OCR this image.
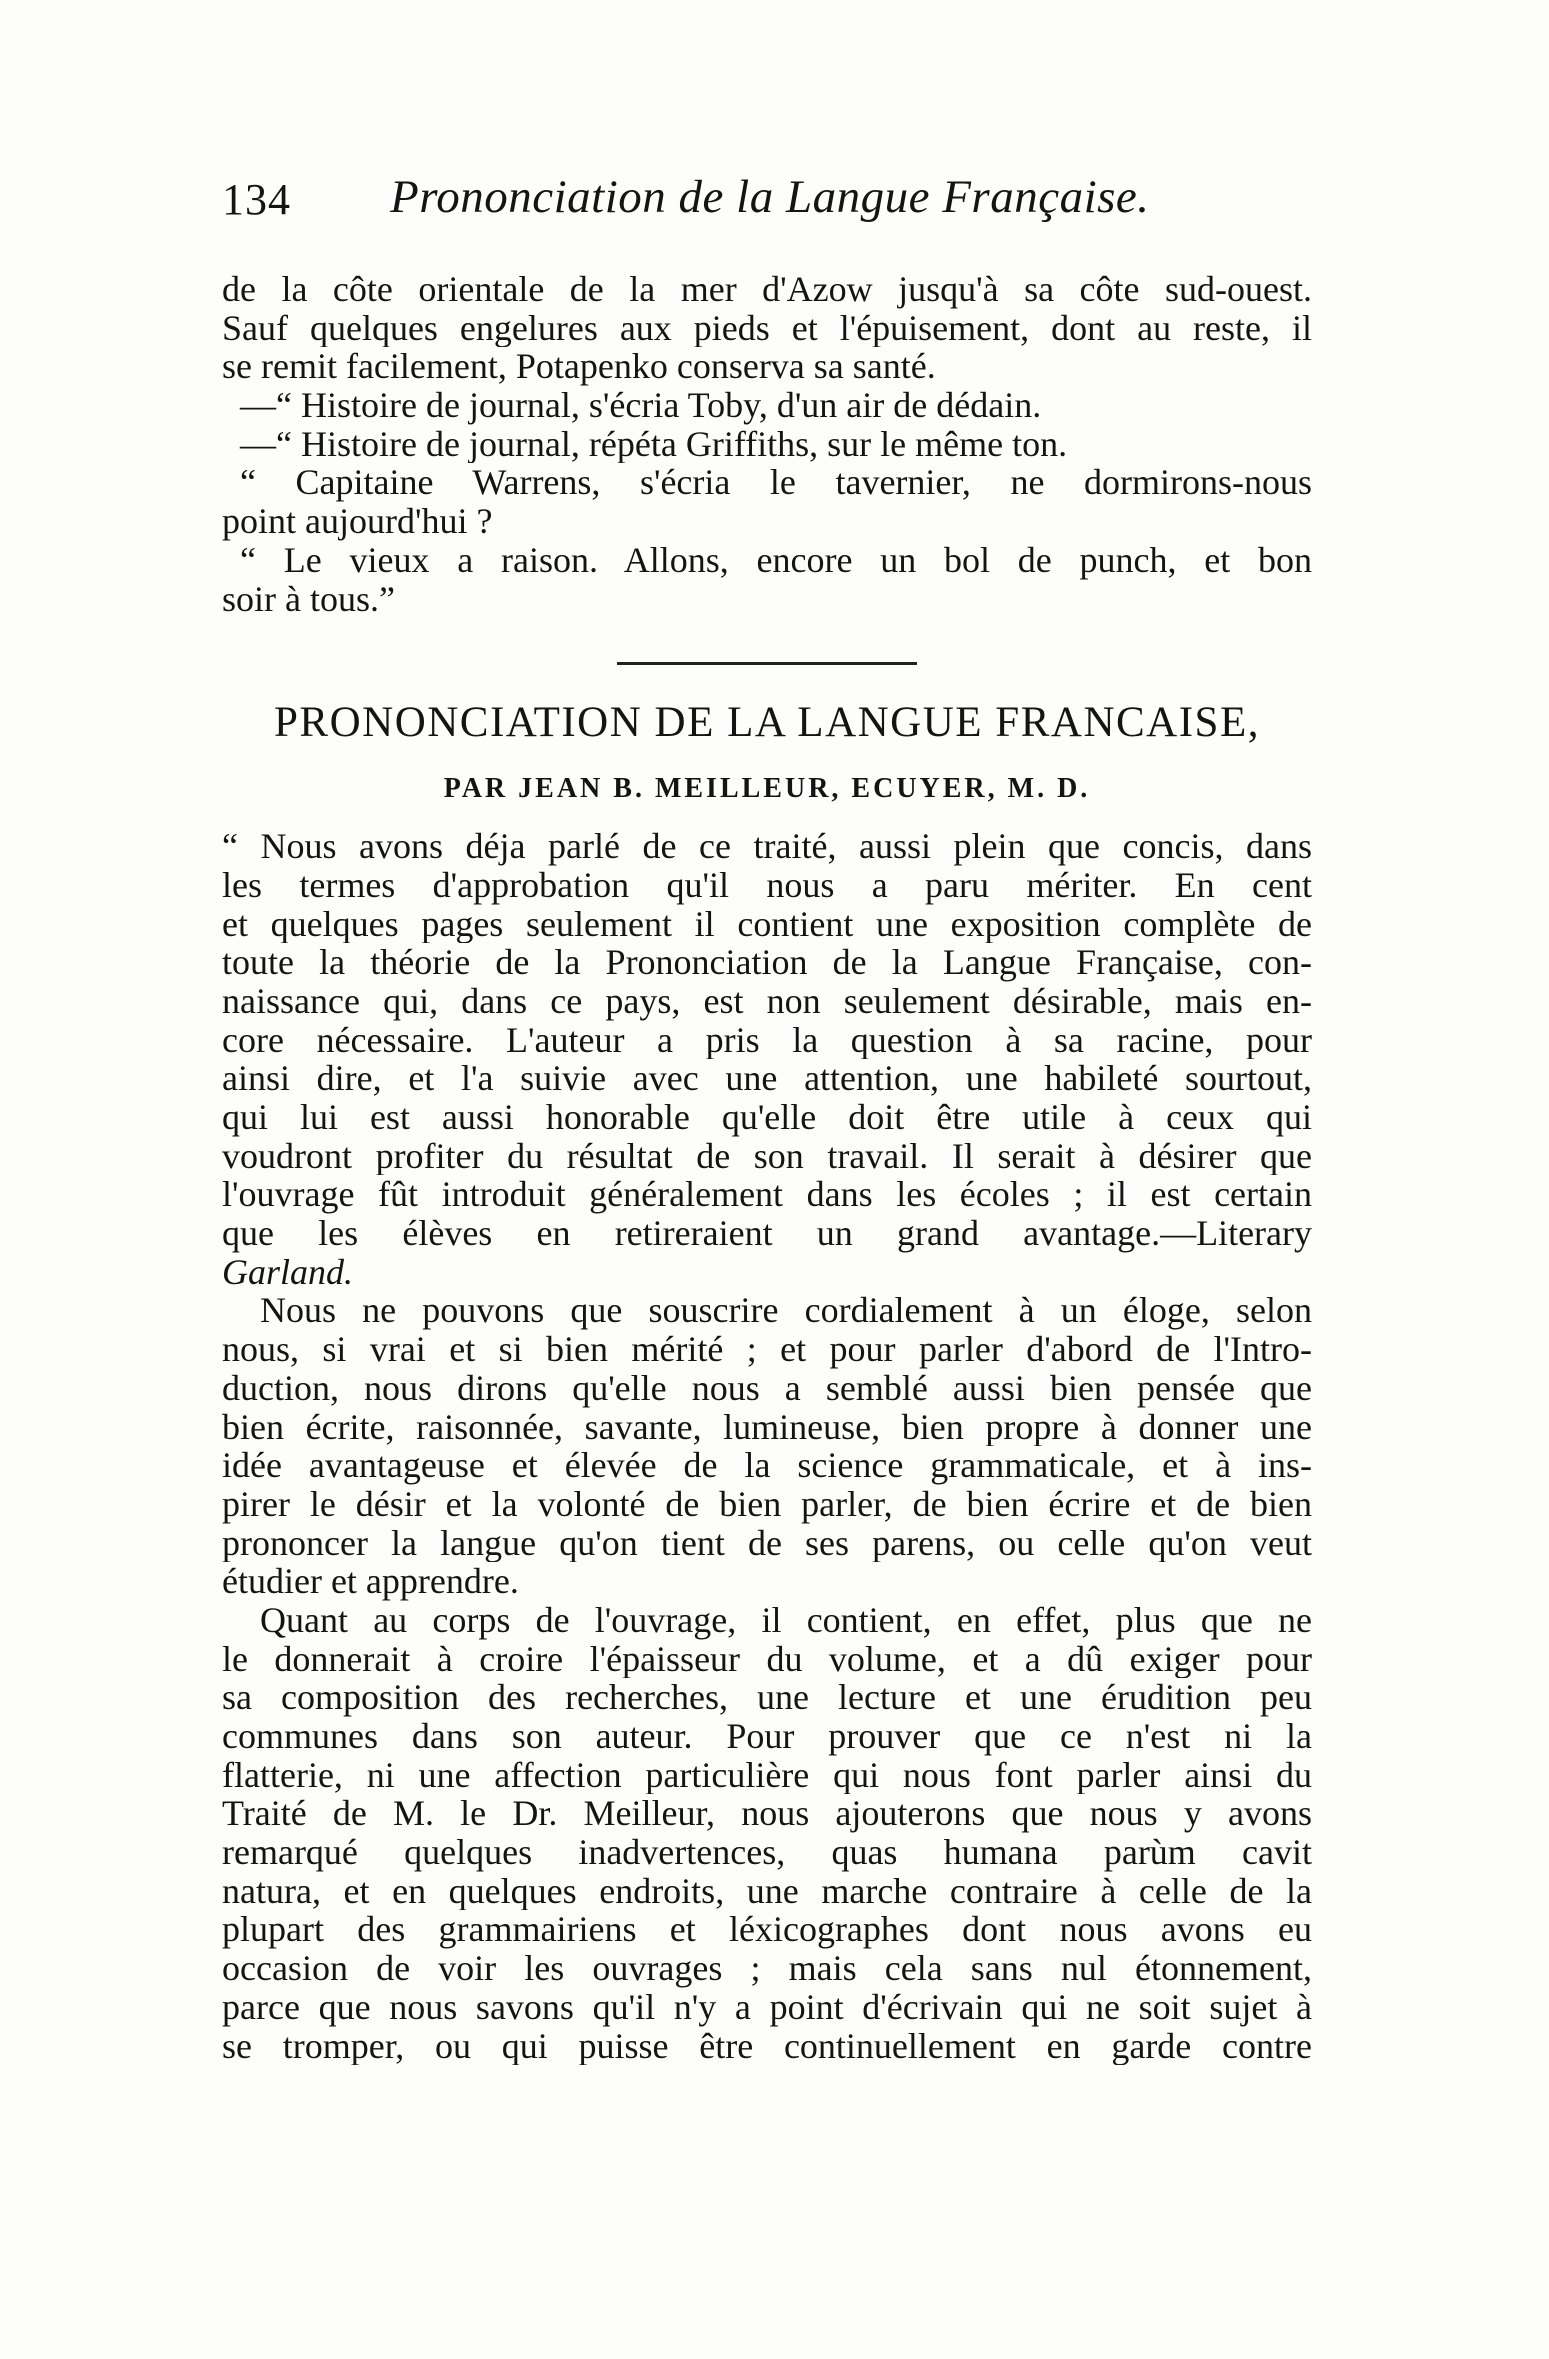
134 Prononciation de la Langue Française.
de la côte orientale de la mer d'Azow jusqu'à sa côte sud-ouest.
Sauf quelques engelures aux pieds et l'épuisement, dont au reste, il
se remit facilement, Potapenko conserva sa santé.
—“ Histoire de journal, s'écria Toby, d'un air de dédain.
—“ Histoire de journal, répéta Griffiths, sur le même ton.
“ Capitaine Warrens, s'écria le tavernier, ne dormirons-nous
point aujourd'hui ?
“ Le vieux a raison. Allons, encore un bol de punch, et bon
soir à tous.”
PRONONCIATION DE LA LANGUE FRANCAISE,
PAR JEAN B. MEILLEUR, ECUYER, M. D.
“ Nous avons déja parlé de ce traité, aussi plein que concis, dans
les termes d'approbation qu'il nous a paru mériter. En cent
et quelques pages seulement il contient une exposition complète de
toute la théorie de la Prononciation de la Langue Française, con-
naissance qui, dans ce pays, est non seulement désirable, mais en-
core nécessaire. L'auteur a pris la question à sa racine, pour
ainsi dire, et l'a suivie avec une attention, une habileté sourtout,
qui lui est aussi honorable qu'elle doit être utile à ceux qui
voudront profiter du résultat de son travail. Il serait à désirer que
l'ouvrage fût introduit généralement dans les écoles ; il est certain
que les élèves en retireraient un grand avantage.—Literary
Garland.
Nous ne pouvons que souscrire cordialement à un éloge, selon
nous, si vrai et si bien mérité ; et pour parler d'abord de l'Intro-
duction, nous dirons qu'elle nous a semblé aussi bien pensée que
bien écrite, raisonnée, savante, lumineuse, bien propre à donner une
idée avantageuse et élevée de la science grammaticale, et à ins-
pirer le désir et la volonté de bien parler, de bien écrire et de bien
prononcer la langue qu'on tient de ses parens, ou celle qu'on veut
étudier et apprendre.
Quant au corps de l'ouvrage, il contient, en effet, plus que ne
le donnerait à croire l'épaisseur du volume, et a dû exiger pour
sa composition des recherches, une lecture et une érudition peu
communes dans son auteur. Pour prouver que ce n'est ni la
flatterie, ni une affection particulière qui nous font parler ainsi du
Traité de M. le Dr. Meilleur, nous ajouterons que nous y avons
remarqué quelques inadvertences, quas humana parùm cavit
natura, et en quelques endroits, une marche contraire à celle de la
plupart des grammairiens et léxicographes dont nous avons eu
occasion de voir les ouvrages ; mais cela sans nul étonnement,
parce que nous savons qu'il n'y a point d'écrivain qui ne soit sujet à
se tromper, ou qui puisse être continuellement en garde contre
